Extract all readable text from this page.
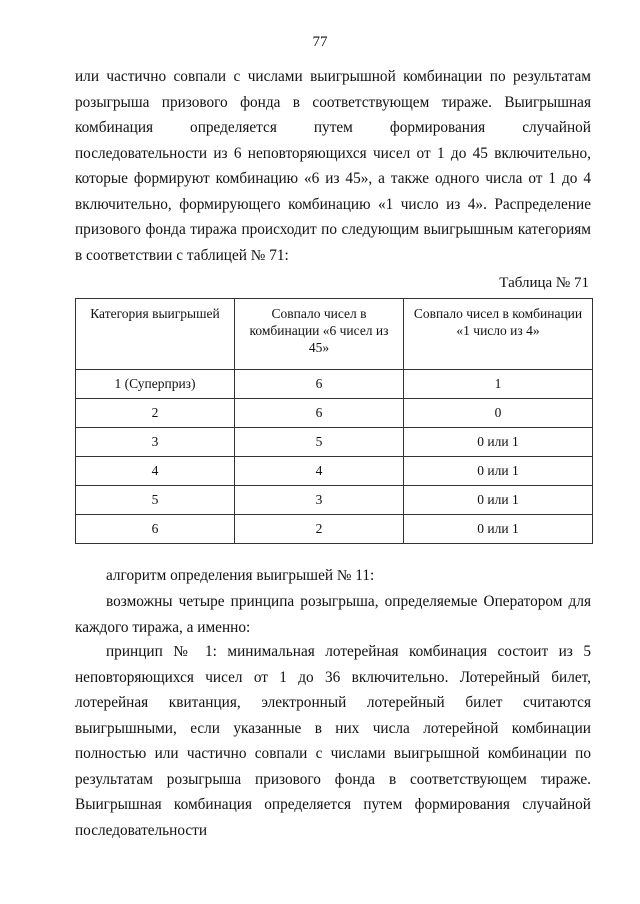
77

или частично совпали с числами выигрышной комбинации по результатам розыгрыша призового фонда в соответствующем тираже. Выигрышная комбинация определяется путем формирования случайной последовательности из 6 неповторяющихся чисел от 1 до 45 включительно, которые формируют комбинацию «6 из 45», а также одного числа от 1 до 4 включительно, формирующего комбинацию «1 число из 4». Распределение призового фонда тиража происходит по следующим выигрышным категориям в соответствии с таблицей № 71:

Таблица № 71
Категория выигрышей	Совпало чисел в комбинации «6 чисел из 45»	Совпало чисел в комбинации «1 число из 4»
1 (Суперприз)	6	1
2	6	0
3	5	0 или 1
4	4	0 или 1
5	3	0 или 1
6	2	0 или 1

алгоритм определения выигрышей № 11:

возможны четыре принципа розыгрыша, определяемые Оператором для каждого тиража, а именно:

принцип № 1: минимальная лотерейная комбинация состоит из 5 неповторяющихся чисел от 1 до 36 включительно. Лотерейный билет, лотерейная квитанция, электронный лотерейный билет считаются выигрышными, если указанные в них числа лотерейной комбинации полностью или частично совпали с числами выигрышной комбинации по результатам розыгрыша призового фонда в соответствующем тираже. Выигрышная комбинация определяется путем формирования случайной последовательности
